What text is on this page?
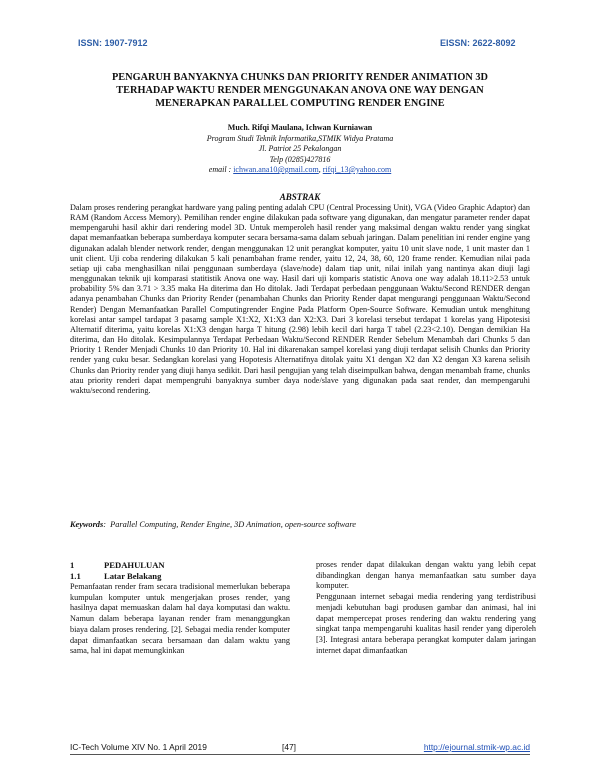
ISSN: 1907-7912	EISSN: 2622-8092
PENGARUH BANYAKNYA CHUNKS DAN PRIORITY RENDER ANIMATION 3D
TERHADAP WAKTU RENDER MENGGUNAKAN ANOVA ONE WAY DENGAN
MENERAPKAN PARALLEL COMPUTING RENDER ENGINE
Much. Rifqi Maulana, Ichwan Kurniawan
Program Studi Teknik Informatika,STMIK Widya Pratama
Jl. Patriot 25 Pekalongan
Telp (0285)427816
email : ichwan.ana10@gmail.com, rifqi_13@yahoo.com
ABSTRAK

Dalam proses rendering perangkat hardware yang paling penting adalah CPU (Central Processing Unit), VGA (Video Graphic Adaptor) dan RAM (Random Access Memory). Pemilihan render engine dilakukan pada software yang digunakan, dan mengatur parameter render dapat mempengaruhi hasil akhir dari rendering model 3D. Untuk memperoleh hasil render yang maksimal dengan waktu render yang singkat dapat memanfaatkan beberapa sumberdaya komputer secara bersama-sama dalam sebuah jaringan. Dalam penelitian ini render engine yang digunakan adalah blender network render, dengan menggunakan 12 unit perangkat komputer, yaitu 10 unit slave node, 1 unit master dan 1 unit client. Uji coba rendering dilakukan 5 kali penambahan frame render, yaitu 12, 24, 38, 60, 120 frame render. Kemudian nilai pada setiap uji caba menghasilkan nilai penggunaan sumberdaya (slave/node) dalam tiap unit, nilai inilah yang nantinya akan diuji lagi menggunakan teknik uji komparasi statitistik Anova one way. Hasil dari uji komparis statistic Anova one way adalah 18.11>2.53 untuk probability 5% dan 3.71 > 3.35 maka Ha diterima dan Ho ditolak. Jadi Terdapat perbedaan penggunaan Waktu/Second RENDER dengan adanya penambahan Chunks dan Priority Render (penambahan Chunks dan Priority Render dapat mengurangi penggunaan Waktu/Second Render) Dengan Memanfaatkan Parallel Computingrender Engine Pada Platform Open-Source Software. Kemudian untuk menghitung korelasi antar sampel tardapat 3 pasamg sample X1:X2, X1:X3 dan X2:X3. Dari 3 korelasi tersebut terdapat 1 korelas yang Hipotesisi Alternatif diterima, yaitu korelas X1:X3 dengan harga T hitung (2.98) lebih kecil dari harga T tabel (2.23<2.10). Dengan demikian Ha diterima, dan Ho ditolak. Kesimpulannya Terdapat Perbedaan Waktu/Second RENDER Render Sebelum Menambah dari Chunks 5 dan Priority 1 Render Menjadi Chunks 10 dan Priority 10. Hal ini dikarenakan sampel korelasi yang diuji terdapat selisih Chunks dan Priority render yang cuku besar. Sedangkan korelasi yang Hopotesis Alternatifnya ditolak yaitu X1 dengan X2 dan X2 dengan X3 karena selisih Chunks dan Priority render yang diuji hanya sedikit. Dari hasil pengujian yang telah diseimpulkan bahwa, dengan menambah frame, chunks atau priority renderi dapat mempengruhi banyaknya sumber daya node/slave yang digunakan pada saat render, dan mempengaruhi waktu/second rendering.

Keywords:  Parallel Computing, Render Engine, 3D Animation, open-source software
1	PEDAHULUAN
1.1	Latar Belakang

Pemanfaatan render fram secara tradisional memerlukan beberapa kumpulan komputer untuk mengerjakan proses render, yang hasilnya dapat memuaskan dalam hal daya komputasi dan waktu. Namun dalam beberapa layanan render fram menanggungkan biaya dalam proses rendering. [2]. Sebagai media render komputer dapat dimanfaatkan secara bersamaan dan dalam waktu yang sama, hal ini dapat memungkinkan

proses render dapat dilakukan dengan waktu yang lebih cepat dibandingkan dengan hanya memanfaatkan satu sumber daya komputer.

Penggunaan internet sebagai media rendering yang terdistribusi menjadi kebutuhan bagi produsen gambar dan animasi, hal ini dapat mempercepat proses rendering dan waktu rendering yang singkat tanpa mempengaruhi kualitas hasil render yang diperoleh [3]. Integrasi antara beberapa perangkat komputer dalam jaringan internet dapat dimanfaatkan

IC-Tech Volume XIV No. 1 April 2019	[47]	http://ejournal.stmik-wp.ac.id
